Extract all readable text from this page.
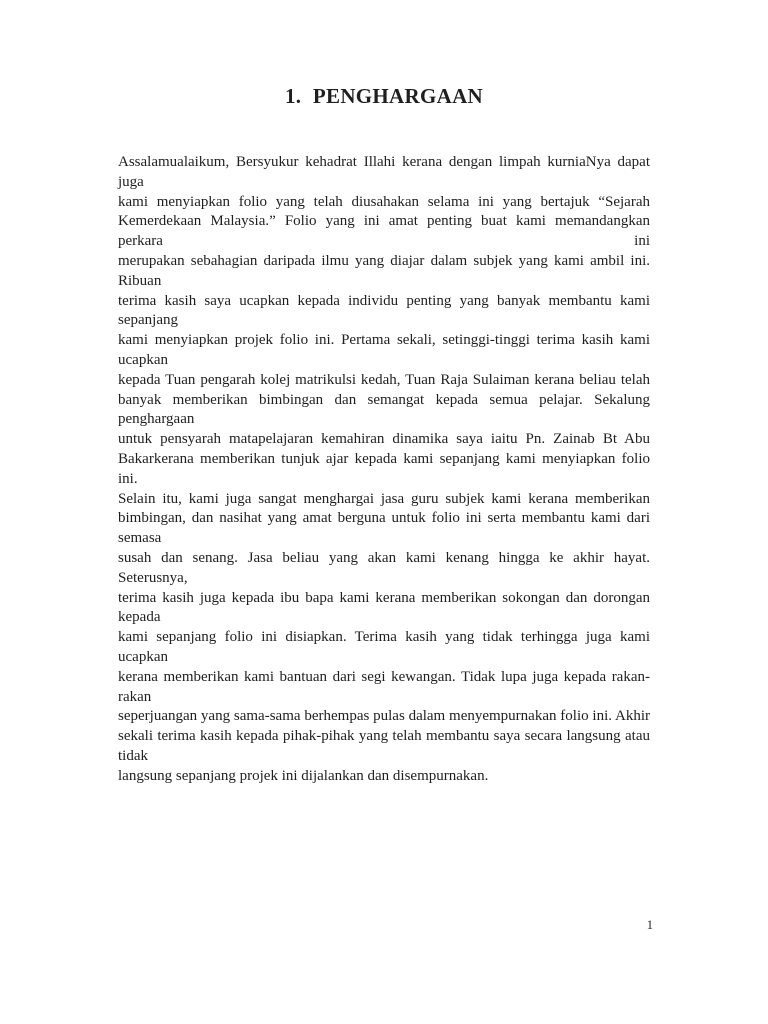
1. PENGHARGAAN
Assalamualaikum, Bersyukur kehadrat Illahi kerana dengan limpah kurniaNya dapat juga
kami menyiapkan folio yang telah diusahakan selama ini yang bertajuk “Sejarah
Kemerdekaan Malaysia.” Folio yang ini amat penting buat kami memandangkan perkara ini
merupakan sebahagian daripada ilmu yang diajar dalam subjek yang kami ambil ini. Ribuan
terima kasih saya ucapkan kepada individu penting yang banyak membantu kami sepanjang
kami menyiapkan projek folio ini. Pertama sekali, setinggi-tinggi terima kasih kami ucapkan
kepada Tuan pengarah kolej matrikulsi kedah, Tuan Raja Sulaiman kerana beliau telah
banyak memberikan bimbingan dan semangat kepada semua pelajar. Sekalung penghargaan
untuk pensyarah matapelajaran kemahiran dinamika saya iaitu Pn. Zainab Bt Abu
Bakarkerana memberikan tunjuk ajar kepada kami sepanjang kami menyiapkan folio ini.
Selain itu, kami juga sangat menghargai jasa guru subjek kami kerana memberikan
bimbingan, dan nasihat yang amat berguna untuk folio ini serta membantu kami dari semasa
susah dan senang. Jasa beliau yang akan kami kenang hingga ke akhir hayat. Seterusnya,
terima kasih juga kepada ibu bapa kami kerana memberikan sokongan dan dorongan kepada
kami sepanjang folio ini disiapkan. Terima kasih yang tidak terhingga juga kami ucapkan
kerana memberikan kami bantuan dari segi kewangan. Tidak lupa juga kepada rakan-rakan
seperjuangan yang sama-sama berhempas pulas dalam menyempurnakan folio ini. Akhir
sekali terima kasih kepada pihak-pihak yang telah membantu saya secara langsung atau tidak
langsung sepanjang projek ini dijalankan dan disempurnakan.
1
